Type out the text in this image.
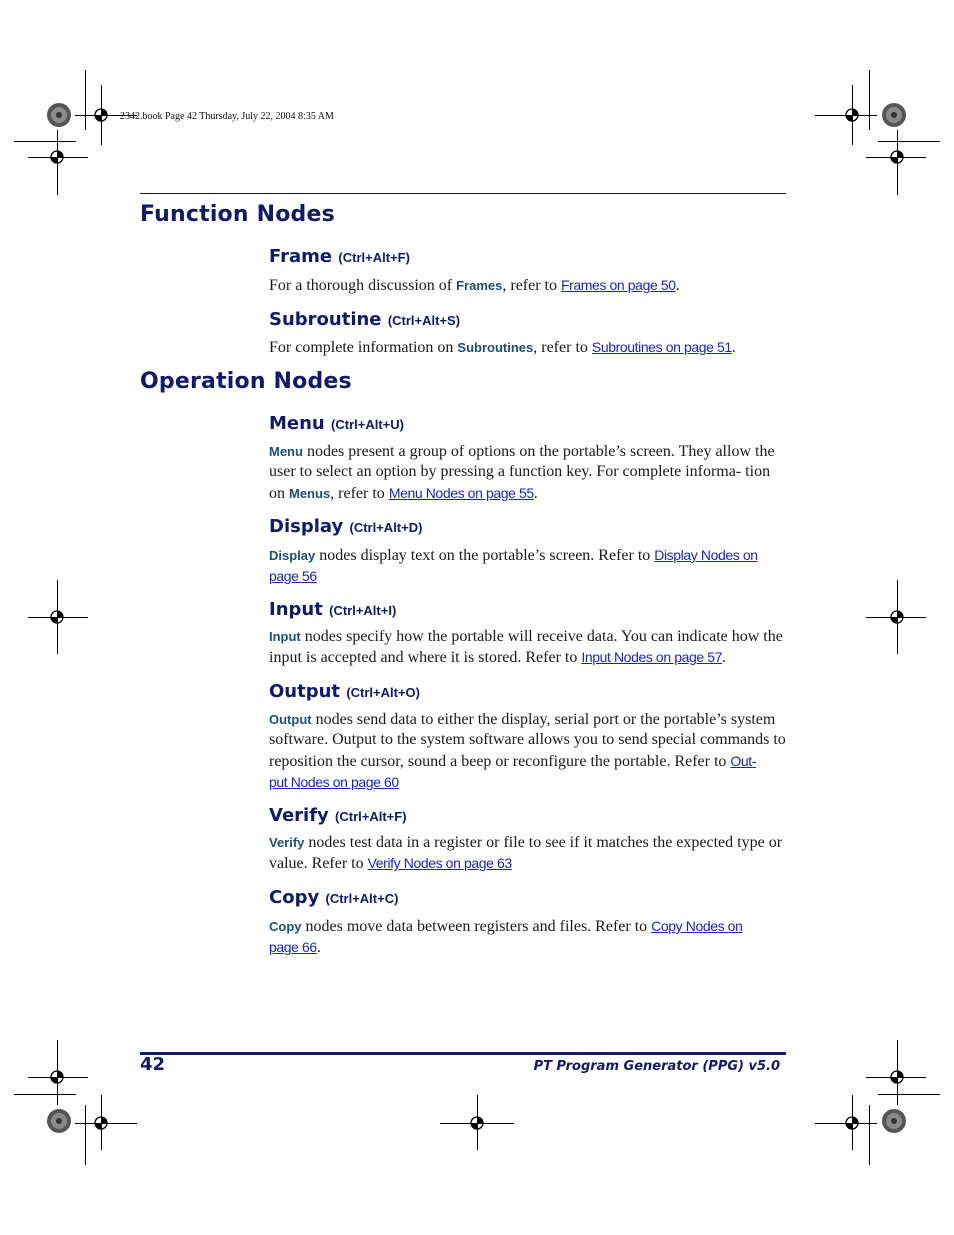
2342.book Page 42 Thursday, July 22, 2004 8:35 AM
Function Nodes
Frame (Ctrl+Alt+F)

For a thorough discussion of Frames, refer to Frames on page 50.

Subroutine (Ctrl+Alt+S)

For complete information on Subroutines, refer to Subroutines on page 51.

Operation Nodes
Menu (Ctrl+Alt+U)

Menu nodes present a group of options on the portable’s screen. They allow the user to select an option by pressing a function key. For complete informa- tion on Menus, refer to Menu Nodes on page 55.

Display (Ctrl+Alt+D)

Display nodes display text on the portable’s screen. Refer to Display Nodes on
page 56

Input (Ctrl+Alt+I)

Input nodes specify how the portable will receive data. You can indicate how the input is accepted and where it is stored. Refer to Input Nodes on page 57.

Output (Ctrl+Alt+O)

Output nodes send data to either the display, serial port or the portable’s system software. Output to the system software allows you to send special commands to reposition the cursor, sound a beep or reconfigure the portable. Refer to Out-
put Nodes on page 60

Verify (Ctrl+Alt+F)

Verify nodes test data in a register or file to see if it matches the expected type or value. Refer to Verify Nodes on page 63

Copy (Ctrl+Alt+C)

Copy nodes move data between registers and files. Refer to Copy Nodes on
page 66.

42	PT Program Generator (PPG) v5.0
